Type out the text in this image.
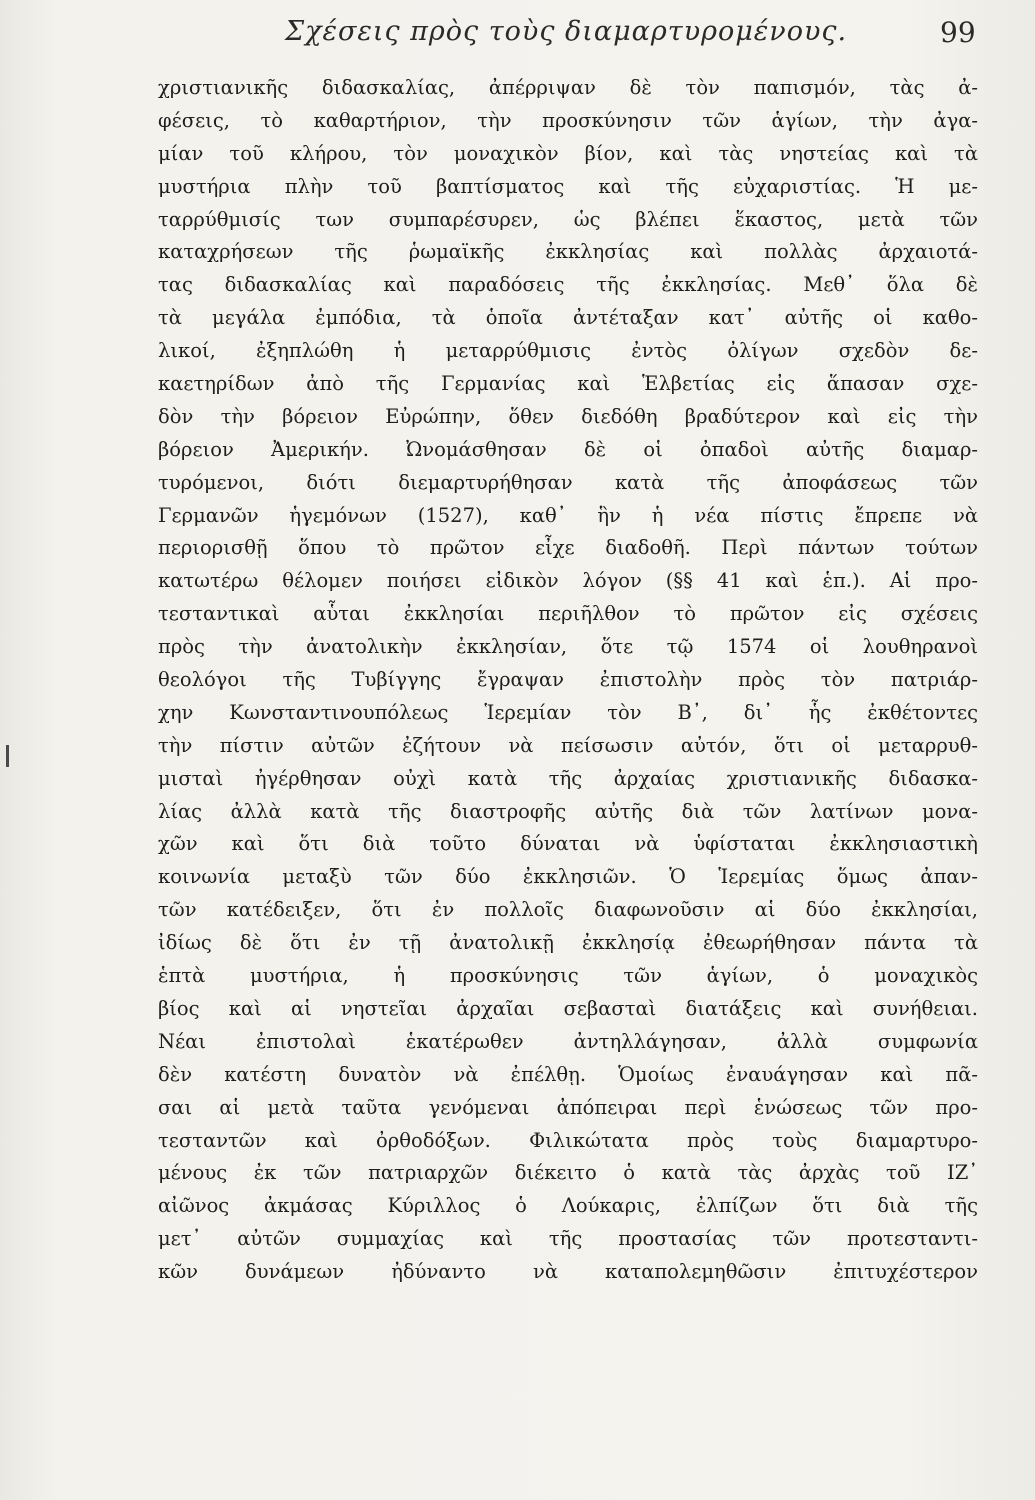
Σχέσεις πρὸς τοὺς διαμαρτυρομένους.	99
χριστιανικῆς διδασκαλίας, ἀπέρριψαν δὲ τὸν παπισμόν, τὰς ἀ-
φέσεις, τὸ καθαρτήριον, τὴν προσκύνησιν τῶν ἁγίων, τὴν ἀγα-
μίαν τοῦ κλήρου, τὸν μοναχικὸν βίον, καὶ τὰς νηστείας καὶ τὰ
μυστήρια πλὴν τοῦ βαπτίσματος καὶ τῆς εὐχαριστίας. Ἡ με-
ταρρύθμισίς των συμπαρέσυρεν, ὡς βλέπει ἕκαστος, μετὰ τῶν
καταχρήσεων τῆς ῥωμαϊκῆς ἐκκλησίας καὶ πολλὰς ἀρχαιοτά-
τας διδασκαλίας καὶ παραδόσεις τῆς ἐκκλησίας. Μεθ᾽ ὅλα δὲ
τὰ μεγάλα ἐμπόδια, τὰ ὁποῖα ἀντέταξαν κατ᾽ αὐτῆς οἱ καθο-
λικοί, ἐξηπλώθη ἡ μεταρρύθμισις ἐντὸς ὀλίγων σχεδὸν δε-
καετηρίδων ἀπὸ τῆς Γερμανίας καὶ Ἑλβετίας εἰς ἅπασαν σχε-
δὸν τὴν βόρειον Εὐρώπην, ὅθεν διεδόθη βραδύτερον καὶ εἰς τὴν
βόρειον Ἀμερικήν. Ὠνομάσθησαν δὲ οἱ ὀπαδοὶ αὐτῆς διαμαρ-
τυρόμενοι, διότι διεμαρτυρήθησαν κατὰ τῆς ἀποφάσεως τῶν
Γερμανῶν ἡγεμόνων (1527), καθ᾽ ἣν ἡ νέα πίστις ἔπρεπε νὰ
περιορισθῇ ὅπου τὸ πρῶτον εἶχε διαδοθῆ. Περὶ πάντων τούτων
κατωτέρω θέλομεν ποιήσει εἰδικὸν λόγον (§§ 41 καὶ ἑπ.). Αἱ προ-
τεσταντικαὶ αὗται ἐκκλησίαι περιῆλθον τὸ πρῶτον εἰς σχέσεις
πρὸς τὴν ἀνατολικὴν ἐκκλησίαν, ὅτε τῷ 1574 οἱ λουθηρανοὶ
θεολόγοι τῆς Τυβίγγης ἔγραψαν ἐπιστολὴν πρὸς τὸν πατριάρ-
χην Κωνσταντινουπόλεως Ἱερεμίαν τὸν Β᾽, δι᾽ ἧς ἐκθέτοντες
τὴν πίστιν αὐτῶν ἐζήτουν νὰ πείσωσιν αὐτόν, ὅτι οἱ μεταρρυθ-
μισταὶ ἠγέρθησαν οὐχὶ κατὰ τῆς ἀρχαίας χριστιανικῆς διδασκα-
λίας ἀλλὰ κατὰ τῆς διαστροφῆς αὐτῆς διὰ τῶν λατίνων μονα-
χῶν καὶ ὅτι διὰ τοῦτο δύναται νὰ ὑφίσταται ἐκκλησιαστικὴ
κοινωνία μεταξὺ τῶν δύο ἐκκλησιῶν. Ὁ Ἱερεμίας ὅμως ἀπαν-
τῶν κατέδειξεν, ὅτι ἐν πολλοῖς διαφωνοῦσιν αἱ δύο ἐκκλησίαι,
ἰδίως δὲ ὅτι ἐν τῇ ἀνατολικῇ ἐκκλησίᾳ ἐθεωρήθησαν πάντα τὰ
ἑπτὰ μυστήρια, ἡ προσκύνησις τῶν ἁγίων, ὁ μοναχικὸς
βίος καὶ αἱ νηστεῖαι ἀρχαῖαι σεβασταὶ διατάξεις καὶ συνήθειαι.
Νέαι ἐπιστολαὶ ἑκατέρωθεν ἀντηλλάγησαν, ἀλλὰ συμφωνία
δὲν κατέστη δυνατὸν νὰ ἐπέλθῃ. Ὁμοίως ἐναυάγησαν καὶ πᾶ-
σαι αἱ μετὰ ταῦτα γενόμεναι ἀπόπειραι περὶ ἑνώσεως τῶν προ-
τεσταντῶν καὶ ὀρθοδόξων. Φιλικώτατα πρὸς τοὺς διαμαρτυρο-
μένους ἐκ τῶν πατριαρχῶν διέκειτο ὁ κατὰ τὰς ἀρχὰς τοῦ ΙΖ᾽
αἰῶνος ἀκμάσας Κύριλλος ὁ Λούκαρις, ἐλπίζων ὅτι διὰ τῆς
μετ᾽ αὐτῶν συμμαχίας καὶ τῆς προστασίας τῶν προτεσταντι-
κῶν δυνάμεων ἠδύναντο νὰ καταπολεμηθῶσιν ἐπιτυχέστερον
